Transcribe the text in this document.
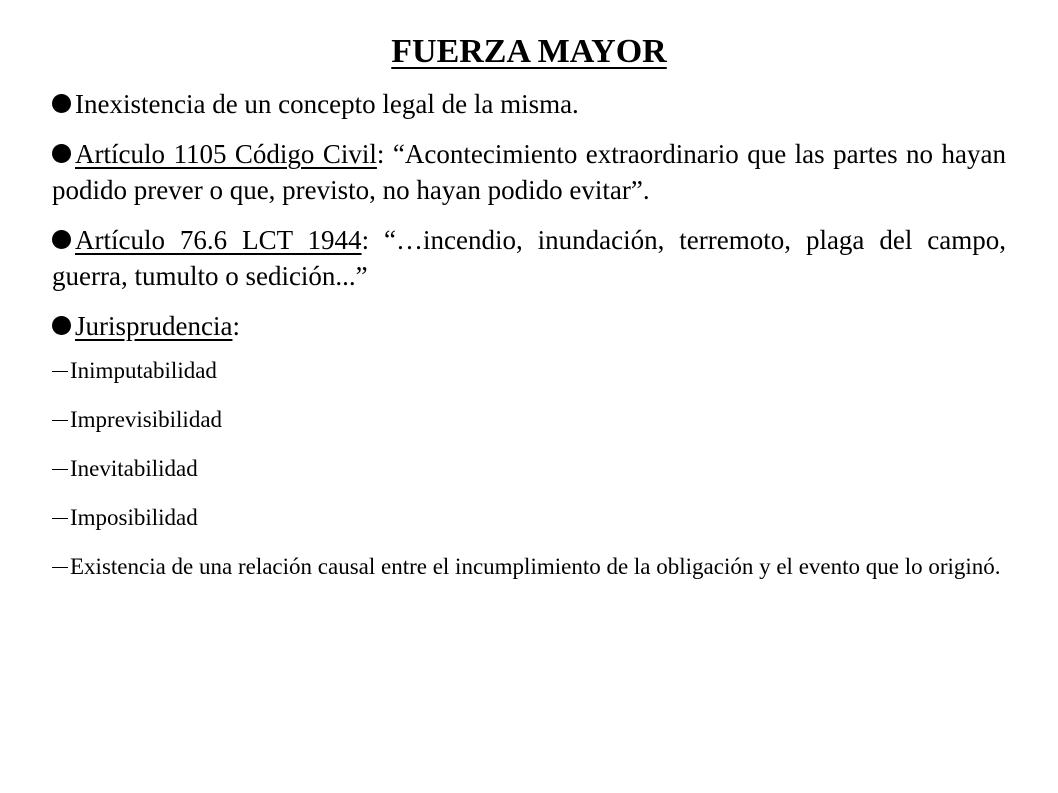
FUERZA MAYOR

Inexistencia de un concepto legal de la misma.

Artículo 1105 Código Civil: “Acontecimiento extraordinario que las partes no hayan podido prever o que, previsto, no hayan podido evitar”.

Artículo 76.6 LCT 1944: “…incendio, inundación, terremoto, plaga del campo, guerra, tumulto o sedición...”

Jurisprudencia:

Inimputabilidad

Imprevisibilidad

Inevitabilidad

Imposibilidad

Existencia de una relación causal entre el incumplimiento de la obligación y el evento que lo originó.
